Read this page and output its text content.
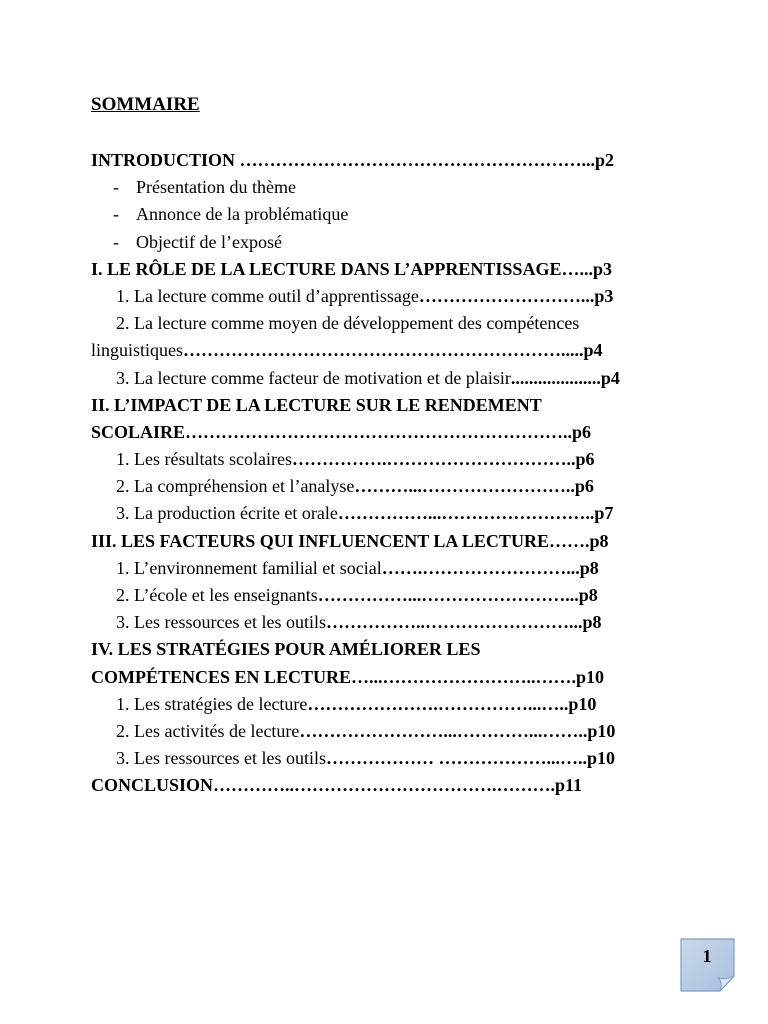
SOMMAIRE
INTRODUCTION …………………………………………………...p2
- Présentation du thème
- Annonce de la problématique
- Objectif de l’exposé
I. LE RÔLE DE LA LECTURE DANS L’APPRENTISSAGE…...p3
1. La lecture comme outil d’apprentissage………………………...p3
2. La lecture comme moyen de développement des compétences
linguistiques……………………………………………………….....p4
3. La lecture comme facteur de motivation et de plaisir....................p4
II. L’IMPACT DE LA LECTURE SUR LE RENDEMENT
SCOLAIRE………………………………………………………..p6
1. Les résultats scolaires…………….…………………………..p6
2. La compréhension et l’analyse………...……………………..p6
3. La production écrite et orale……………...……………………..p7
III. LES FACTEURS QUI INFLUENCENT LA LECTURE…….p8
1. L’environnement familial et social…….……………………...p8
2. L’école et les enseignants……………...……………………...p8
3. Les ressources et les outils……………..……………………...p8
IV. LES STRATÉGIES POUR AMÉLIORER LES
COMPÉTENCES EN LECTURE…...……………………..…….p10
1. Les stratégies de lecture………………….……………...…..p10
2. Les activités de lecture……………………...…………...……..p10
3. Les ressources et les outils……………… ………………...…..p10
CONCLUSION…………..…………………………….……….p11
1
